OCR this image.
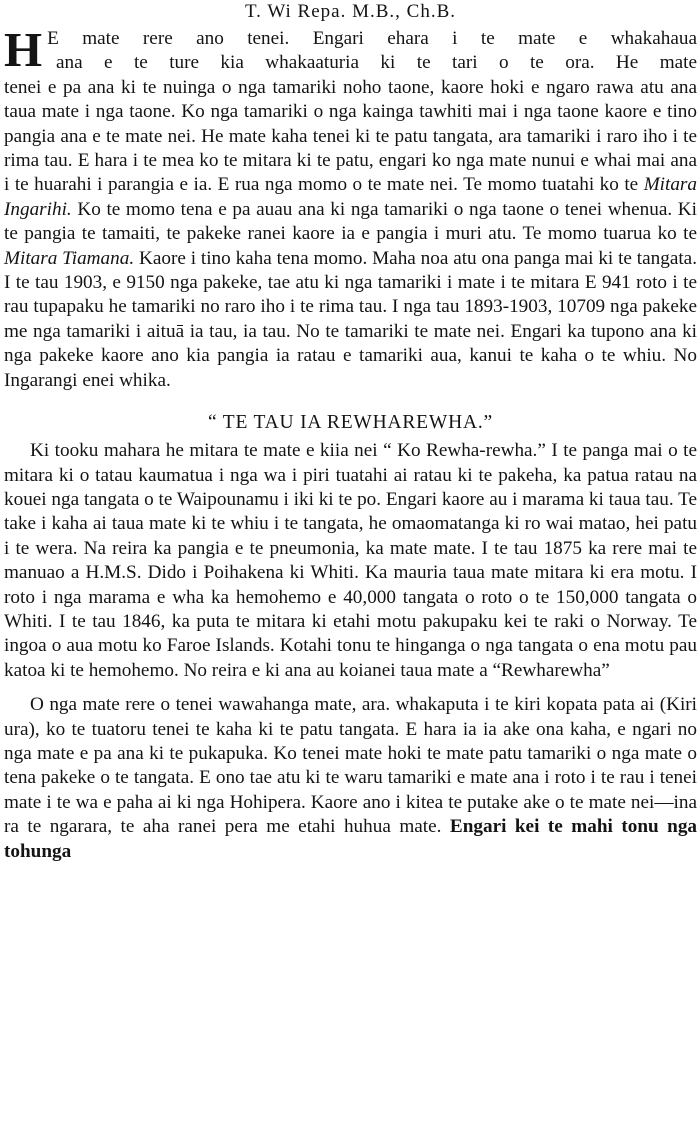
T. Wi Repa. M.B., Ch.B.

H E mate rere ano tenei. Engari ehara i te mate e whakahaua
ana e te ture kia whakaaturia ki te tari o te ora. He mate
tenei e pa ana ki te nuinga o nga tamariki noho taone, kaore hoki e ngaro rawa atu ana taua mate i nga taone. Ko nga tamariki o nga kainga tawhiti mai i nga taone kaore e tino pangia ana e te mate nei. He mate kaha tenei ki te patu tangata, ara tamariki i raro iho i te rima tau. E hara i te mea ko te mitara ki te patu, engari ko nga mate nunui e whai mai ana i te huarahi i parangia e ia. E rua nga momo o te mate nei. Te momo tuatahi ko te Mitara Ingarihi. Ko te momo tena e pa auau ana ki nga tamariki o nga taone o tenei whenua. Ki te pangia te tamaiti, te pakeke ranei kaore ia e pangia i muri atu. Te momo tuarua ko te Mitara Tiamana. Kaore i tino kaha tena momo. Maha noa atu ona panga mai ki te tangata. I te tau 1903, e 9150 nga pakeke, tae atu ki nga tamariki i mate i te mitara E 941 roto i te rau tupapaku he tamariki no raro iho i te rima tau. I nga tau 1893-1903, 10709 nga pakeke me nga tamariki i aituā ia tau, ia tau. No te tamariki te mate nei. Engari ka tupono ana ki nga pakeke kaore ano kia pangia ia ratau e tamariki aua, kanui te kaha o te whiu. No Ingarangi enei whika.

“ TE TAU IA REWHAREWHA.”

Ki tooku mahara he mitara te mate e kiia nei “ Ko Rewha-rewha.” I te panga mai o te mitara ki o tatau kaumatua i nga wa i piri tuatahi ai ratau ki te pakeha, ka patua ratau na kouei nga tangata o te Waipounamu i iki ki te po. Engari kaore au i marama ki taua tau. Te take i kaha ai taua mate ki te whiu i te tangata, he omaomatanga ki ro wai matao, hei patu i te wera. Na reira ka pangia e te pneumonia, ka mate mate. I te tau 1875 ka rere mai te manuao a H.M.S. Dido i Poihakena ki Whiti. Ka mauria taua mate mitara ki era motu. I roto i nga marama e wha ka hemohemo e 40,000 tangata o roto o te 150,000 tangata o Whiti. I te tau 1846, ka puta te mitara ki etahi motu pakupaku kei te raki o Norway. Te ingoa o aua motu ko Faroe Islands. Kotahi tonu te hinganga o nga tangata o ena motu pau katoa ki te hemohemo. No reira e ki ana au koianei taua mate a “Rewharewha”

O nga mate rere o tenei wawahanga mate, ara. whakaputa i te kiri kopata pata ai (Kiri ura), ko te tuatoru tenei te kaha ki te patu tangata. E hara ia ia ake ona kaha, e ngari no nga mate e pa ana ki te pukapuka. Ko tenei mate hoki te mate patu tamariki o nga mate o tena pakeke o te tangata. E ono tae atu ki te waru tamariki e mate ana i roto i te rau i tenei mate i te wa e paha ai ki nga Hohipera. Kaore ano i kitea te putake ake o te mate nei—ina ra te ngarara, te aha ranei pera me etahi huhua mate. Engari kei te mahi tonu nga tohunga
